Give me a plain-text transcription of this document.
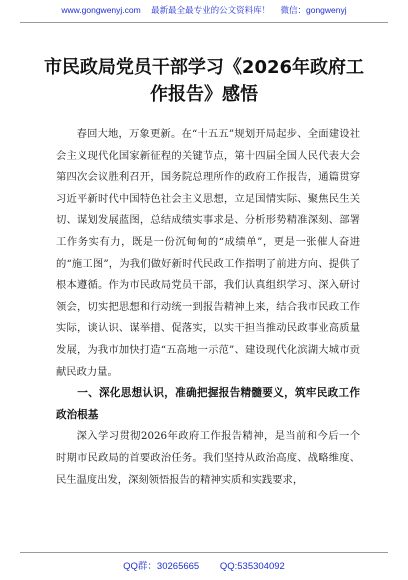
www.gongwenyj.com 最新最全最专业的公文资料库！ 微信：gongwenyj
市民政局党员干部学习《2026年政府工作报告》感悟

春回大地，万象更新。在“十五五”规划开局起步、全面建设社会主义现代化国家新征程的关键节点，第十四届全国人民代表大会第四次会议胜利召开，国务院总理所作的政府工作报告，通篇贯穿习近平新时代中国特色社会主义思想，立足国情实际、聚焦民生关切、谋划发展蓝图，总结成绩实事求是、分析形势精准深刻、部署工作务实有力，既是一份沉甸甸的“成绩单”，更是一张催人奋进的“施工图”，为我们做好新时代民政工作指明了前进方向、提供了根本遵循。作为市民政局党员干部，我们认真组织学习、深入研讨领会，切实把思想和行动统一到报告精神上来，结合我市民政工作实际，谈认识、谋举措、促落实，以实干担当推动民政事业高质量发展，为我市加快打造“五高地一示范”、建设现代化滨湖大城市贡献民政力量。

一、深化思想认识，准确把握报告精髓要义，筑牢民政工作政治根基

深入学习贯彻2026年政府工作报告精神，是当前和今后一个时期市民政局的首要政治任务。我们坚持从政治高度、战略维度、民生温度出发，深刻领悟报告的精神实质和实践要求，

QQ群：30265665 QQ:535304092
